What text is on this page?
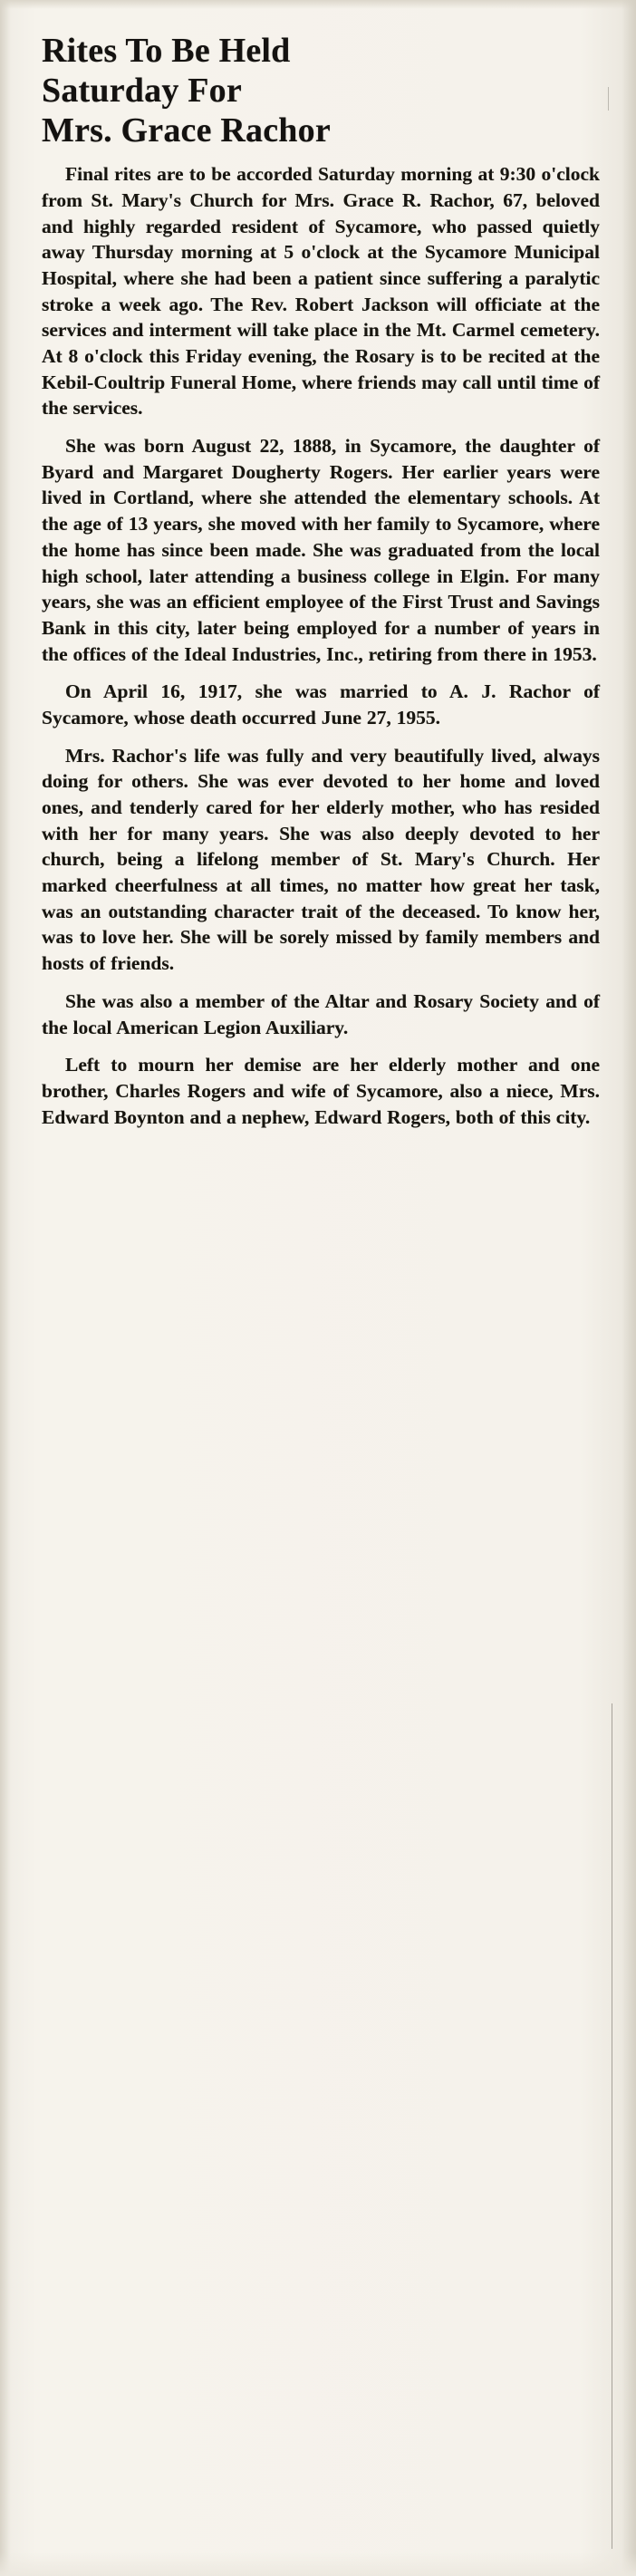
Rites To Be Held
Saturday For
Mrs. Grace Rachor

Final rites are to be accorded Saturday morning at 9:30 o'clock from St. Mary's Church for Mrs. Grace R. Rachor, 67, beloved and highly regarded resident of Sycamore, who passed quietly away Thursday morning at 5 o'clock at the Sycamore Municipal Hospital, where she had been a patient since suffering a paralytic stroke a week ago. The Rev. Robert Jackson will officiate at the services and interment will take place in the Mt. Carmel cemetery. At 8 o'clock this Friday evening, the Rosary is to be recited at the Kebil-Coultrip Funeral Home, where friends may call until time of the services.

She was born August 22, 1888, in Sycamore, the daughter of Byard and Margaret Dougherty Rogers. Her earlier years were lived in Cortland, where she attended the elementary schools. At the age of 13 years, she moved with her family to Sycamore, where the home has since been made. She was graduated from the local high school, later attending a business college in Elgin. For many years, she was an efficient employee of the First Trust and Savings Bank in this city, later being employed for a number of years in the offices of the Ideal Industries, Inc., retiring from there in 1953.

On April 16, 1917, she was married to A. J. Rachor of Sycamore, whose death occurred June 27, 1955.

Mrs. Rachor's life was fully and very beautifully lived, always doing for others. She was ever devoted to her home and loved ones, and tenderly cared for her elderly mother, who has resided with her for many years. She was also deeply devoted to her church, being a lifelong member of St. Mary's Church. Her marked cheerfulness at all times, no matter how great her task, was an outstanding character trait of the deceased. To know her, was to love her. She will be sorely missed by family members and hosts of friends.

She was also a member of the Altar and Rosary Society and of the local American Legion Auxiliary.

Left to mourn her demise are her elderly mother and one brother, Charles Rogers and wife of Sycamore, also a niece, Mrs. Edward Boynton and a nephew, Edward Rogers, both of this city.
